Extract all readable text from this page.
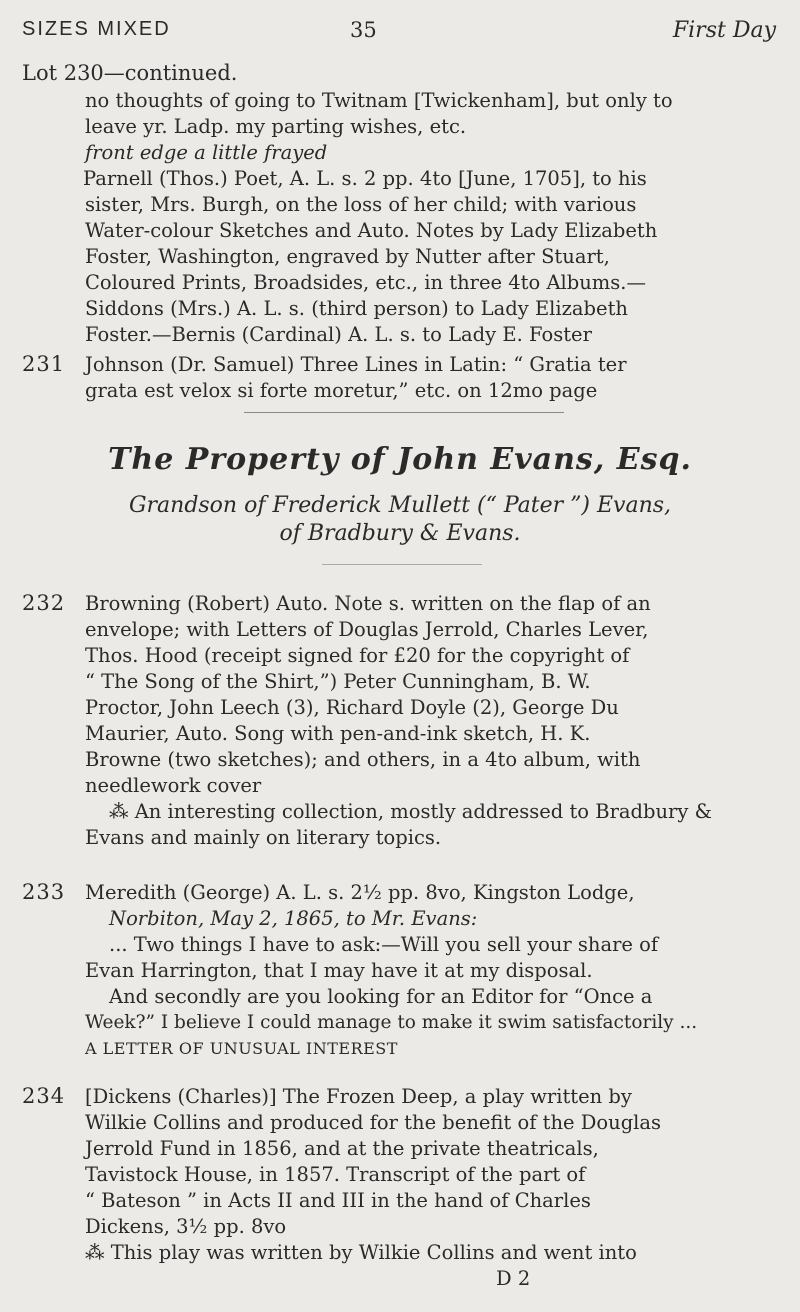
SIZES MIXED	35	First Day
Lot 230—continued.
no thoughts of going to Twitnam [Twickenham], but only to
leave yr. Ladp. my parting wishes, etc.
front edge a little frayed
Parnell (Thos.) Poet, A. L. s. 2 pp. 4to [June, 1705], to his
sister, Mrs. Burgh, on the loss of her child; with various
Water-colour Sketches and Auto. Notes by Lady Elizabeth
Foster, Washington, engraved by Nutter after Stuart,
Coloured Prints, Broadsides, etc., in three 4to Albums.—
Siddons (Mrs.) A. L. s. (third person) to Lady Elizabeth
Foster.—Bernis (Cardinal) A. L. s. to Lady E. Foster
231 Johnson (Dr. Samuel) Three Lines in Latin: “ Gratia ter
grata est velox si forte moretur,” etc. on 12mo page
The Property of John Evans, Esq.
Grandson of Frederick Mullett (“ Pater ”) Evans,
of Bradbury & Evans.
232 Browning (Robert) Auto. Note s. written on the flap of an
envelope; with Letters of Douglas Jerrold, Charles Lever,
Thos. Hood (receipt signed for £20 for the copyright of
“ The Song of the Shirt,”) Peter Cunningham, B. W.
Proctor, John Leech (3), Richard Doyle (2), George Du
Maurier, Auto. Song with pen-and-ink sketch, H. K.
Browne (two sketches); and others, in a 4to album, with
needlework cover
⁂ An interesting collection, mostly addressed to Bradbury &
Evans and mainly on literary topics.
233 Meredith (George) A. L. s. 2½ pp. 8vo, Kingston Lodge,
Norbiton, May 2, 1865, to Mr. Evans:
... Two things I have to ask:—Will you sell your share of
Evan Harrington, that I may have it at my disposal.
And secondly are you looking for an Editor for “Once a
Week?” I believe I could manage to make it swim satisfactorily ...
A LETTER OF UNUSUAL INTEREST
234 [Dickens (Charles)] The Frozen Deep, a play written by
Wilkie Collins and produced for the benefit of the Douglas
Jerrold Fund in 1856, and at the private theatricals,
Tavistock House, in 1857. Transcript of the part of
“ Bateson ” in Acts II and III in the hand of Charles
Dickens, 3½ pp. 8vo
⁂ This play was written by Wilkie Collins and went into
D 2
